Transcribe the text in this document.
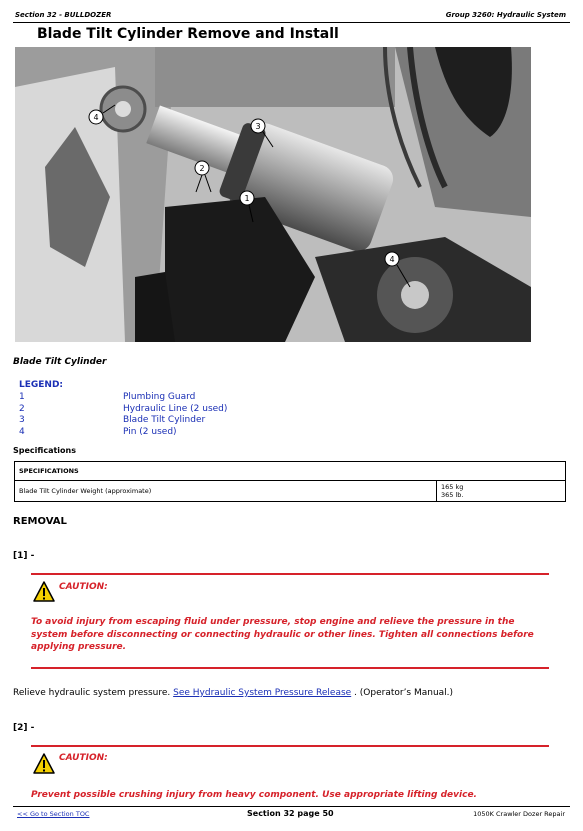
Section 32 - BULLDOZER	Group 3260: Hydraulic System
Blade Tilt Cylinder Remove and Install
4
2
3
1
4
Blade Tilt Cylinder
LEGEND:
1	Plumbing Guard
2	Hydraulic Line (2 used)
3	Blade Tilt Cylinder
4	Pin (2 used)
Specifications
SPECIFICATIONS
Blade Tilt Cylinder Weight (approximate)	165 kg
365 lb.
REMOVAL
[1] -
CAUTION:
To avoid injury from escaping fluid under pressure, stop engine and relieve the pressure in the system before disconnecting or connecting hydraulic or other lines. Tighten all connections before applying pressure.
Relieve hydraulic system pressure. See Hydraulic System Pressure Release . (Operator’s Manual.)
[2] -
CAUTION:
Prevent possible crushing injury from heavy component. Use appropriate lifting device.
<< Go to Section TOC	Section 32 page 50	1050K Crawler Dozer Repair
